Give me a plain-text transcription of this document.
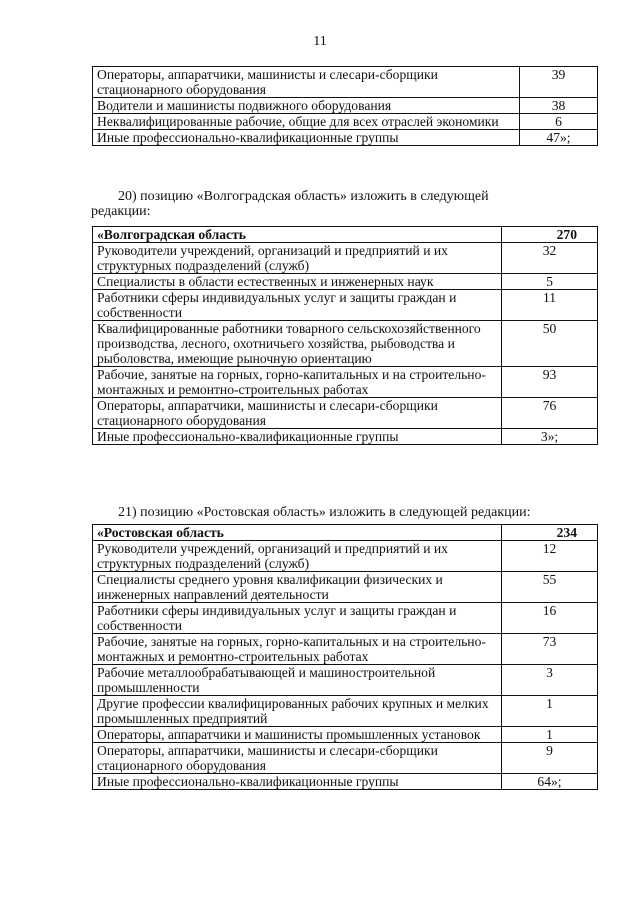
11
Операторы, аппаратчики, машинисты и слесари-сборщики стационарного оборудования	39
Водители и машинисты подвижного оборудования	38
Неквалифицированные рабочие, общие для всех отраслей экономики	6
Иные профессионально-квалификационные группы	47»;
20) позицию «Волгоградская область» изложить в следующей
редакции:
«Волгоградская область	270
Руководители учреждений, организаций и предприятий и их структурных подразделений (служб)	32
Специалисты в области естественных и инженерных наук	5
Работники сферы индивидуальных услуг и защиты граждан и собственности	11
Квалифицированные работники товарного сельскохозяйственного производства, лесного, охотничьего хозяйства, рыбоводства и рыболовства, имеющие рыночную ориентацию	50
Рабочие, занятые на горных, горно-капитальных и на строительно-монтажных и ремонтно-строительных работах	93
Операторы, аппаратчики, машинисты и слесари-сборщики стационарного оборудования	76
Иные профессионально-квалификационные группы	3»;
21) позицию «Ростовская область» изложить в следующей редакции:
«Ростовская область	234
Руководители учреждений, организаций и предприятий и их структурных подразделений (служб)	12
Специалисты среднего уровня квалификации физических и инженерных направлений деятельности	55
Работники сферы индивидуальных услуг и защиты граждан и собственности	16
Рабочие, занятые на горных, горно-капитальных и на строительно-монтажных и ремонтно-строительных работах	73
Рабочие металлообрабатывающей и машиностроительной промышленности	3
Другие профессии квалифицированных рабочих крупных и мелких промышленных предприятий	1
Операторы, аппаратчики и машинисты промышленных установок	1
Операторы, аппаратчики, машинисты и слесари-сборщики стационарного оборудования	9
Иные профессионально-квалификационные группы	64»;
